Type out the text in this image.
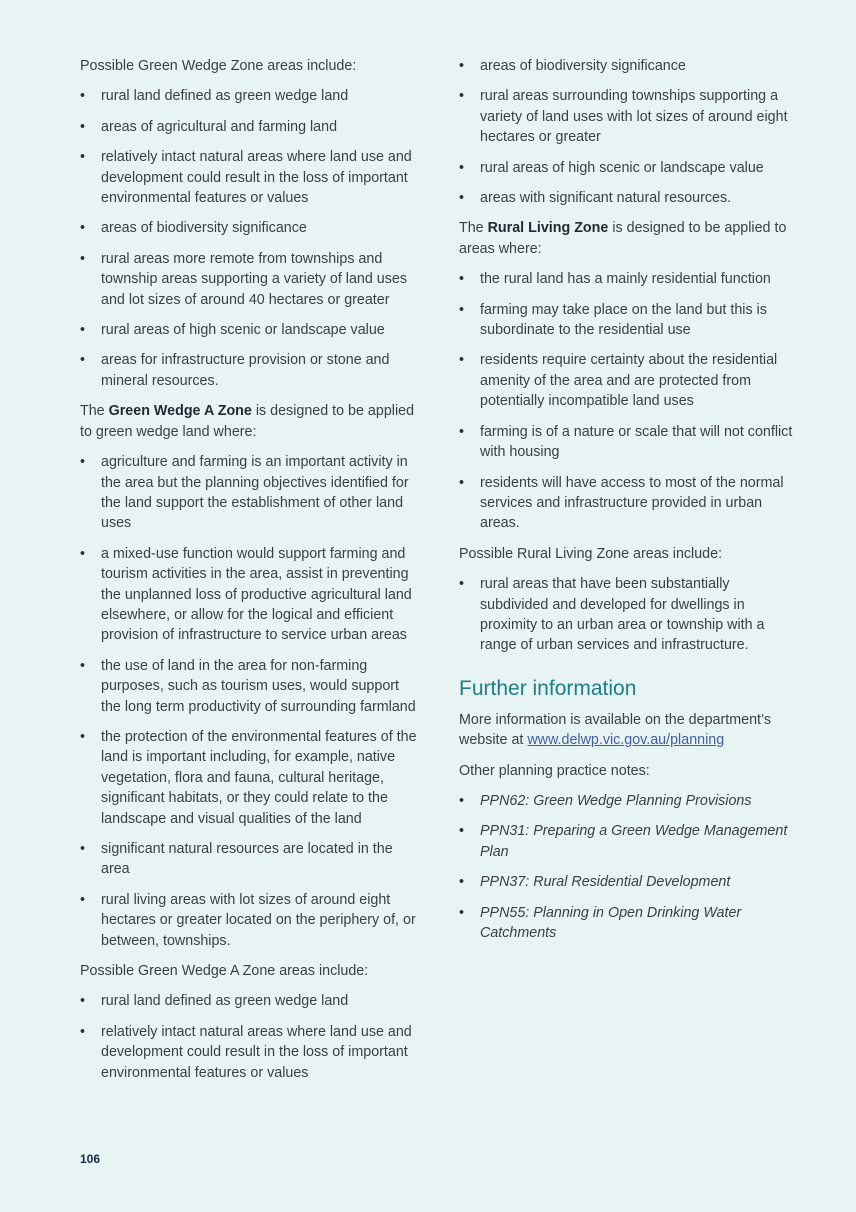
Possible Green Wedge Zone areas include:

• rural land defined as green wedge land
• areas of agricultural and farming land
• relatively intact natural areas where land use and development could result in the loss of important environmental features or values
• areas of biodiversity significance
• rural areas more remote from townships and township areas supporting a variety of land uses and lot sizes of around 40 hectares or greater
• rural areas of high scenic or landscape value
• areas for infrastructure provision or stone and mineral resources.

The Green Wedge A Zone is designed to be applied to green wedge land where:

• agriculture and farming is an important activity in the area but the planning objectives identified for the land support the establishment of other land uses
• a mixed-use function would support farming and tourism activities in the area, assist in preventing the unplanned loss of productive agricultural land elsewhere, or allow for the logical and efficient provision of infrastructure to service urban areas
• the use of land in the area for non-farming purposes, such as tourism uses, would support the long term productivity of surrounding farmland
• the protection of the environmental features of the land is important including, for example, native vegetation, flora and fauna, cultural heritage, significant habitats, or they could relate to the landscape and visual qualities of the land
• significant natural resources are located in the area
• rural living areas with lot sizes of around eight hectares or greater located on the periphery of, or between, townships.

Possible Green Wedge A Zone areas include:

• rural land defined as green wedge land
• relatively intact natural areas where land use and development could result in the loss of important environmental features or values
• areas of biodiversity significance
• rural areas surrounding townships supporting a variety of land uses with lot sizes of around eight hectares or greater
• rural areas of high scenic or landscape value
• areas with significant natural resources.

The Rural Living Zone is designed to be applied to areas where:

• the rural land has a mainly residential function
• farming may take place on the land but this is subordinate to the residential use
• residents require certainty about the residential amenity of the area and are protected from potentially incompatible land uses
• farming is of a nature or scale that will not conflict with housing
• residents will have access to most of the normal services and infrastructure provided in urban areas.

Possible Rural Living Zone areas include:

• rural areas that have been substantially subdivided and developed for dwellings in proximity to an urban area or township with a range of urban services and infrastructure.
Further information

More information is available on the department’s website at www.delwp.vic.gov.au/planning

Other planning practice notes:

• PPN62: Green Wedge Planning Provisions
• PPN31: Preparing a Green Wedge Management Plan
• PPN37: Rural Residential Development
• PPN55: Planning in Open Drinking Water Catchments
106
